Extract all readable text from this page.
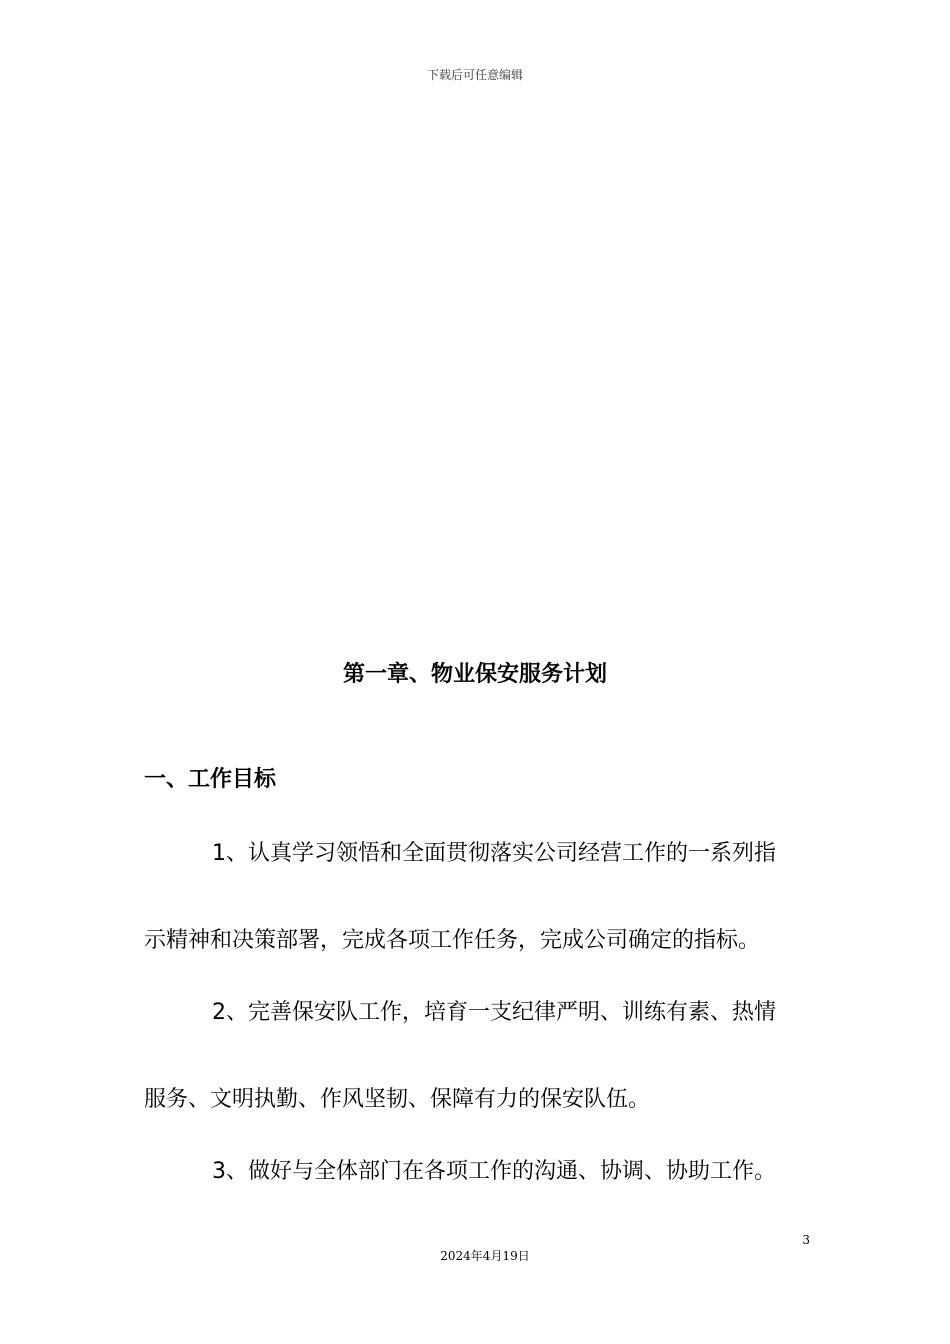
下载后可任意编辑
第一章、物业保安服务计划
一、工作目标
1、认真学习领悟和全面贯彻落实公司经营工作的一系列指
示精神和决策部署，完成各项工作任务，完成公司确定的指标。
2、完善保安队工作，培育一支纪律严明、训练有素、热情
服务、文明执勤、作风坚韧、保障有力的保安队伍。
3、做好与全体部门在各项工作的沟通、协调、协助工作。
3
2024年4月19日
